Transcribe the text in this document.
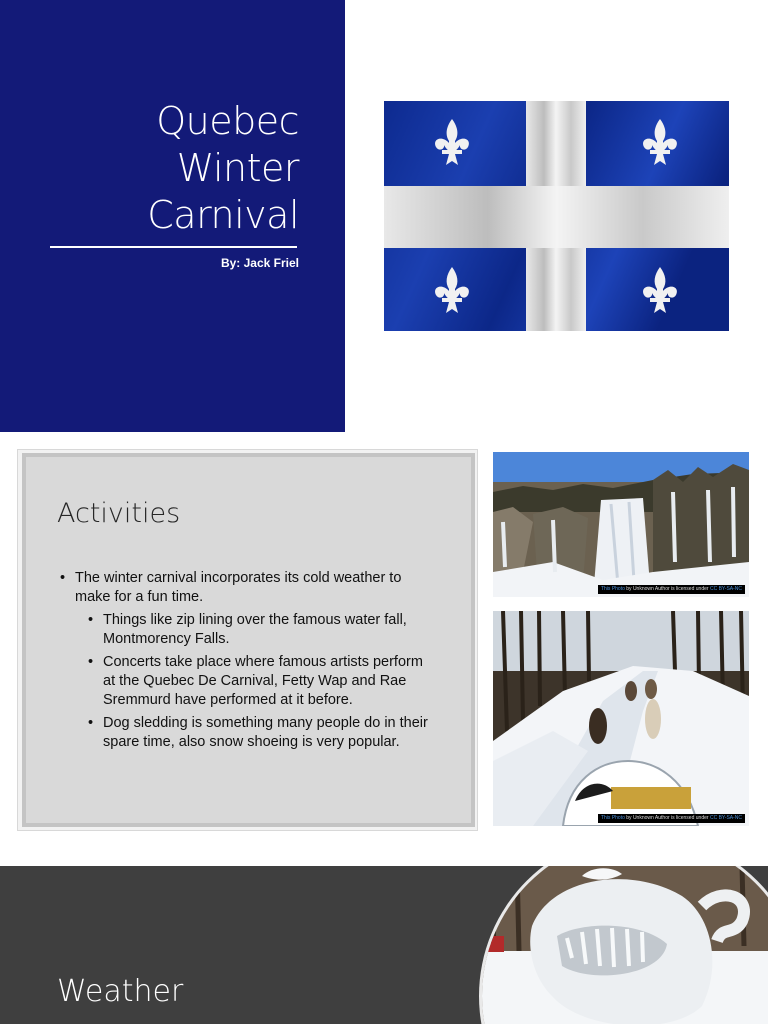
Quebec
Winter
Carnival
By: Jack Friel
Activities
• The winter carnival incorporates its cold weather to make for a fun time.
• Things like zip lining over the famous water fall, Montmorency Falls.
• Concerts take place where famous artists perform at the Quebec De Carnival, Fetty Wap and Rae Sremmurd have performed at it before.
• Dog sledding is something many people do in their spare time, also snow shoeing is very popular.
This Photo by Unknown Author is licensed under CC BY-SA-NC
This Photo by Unknown Author is licensed under CC BY-SA-NC
Weather
